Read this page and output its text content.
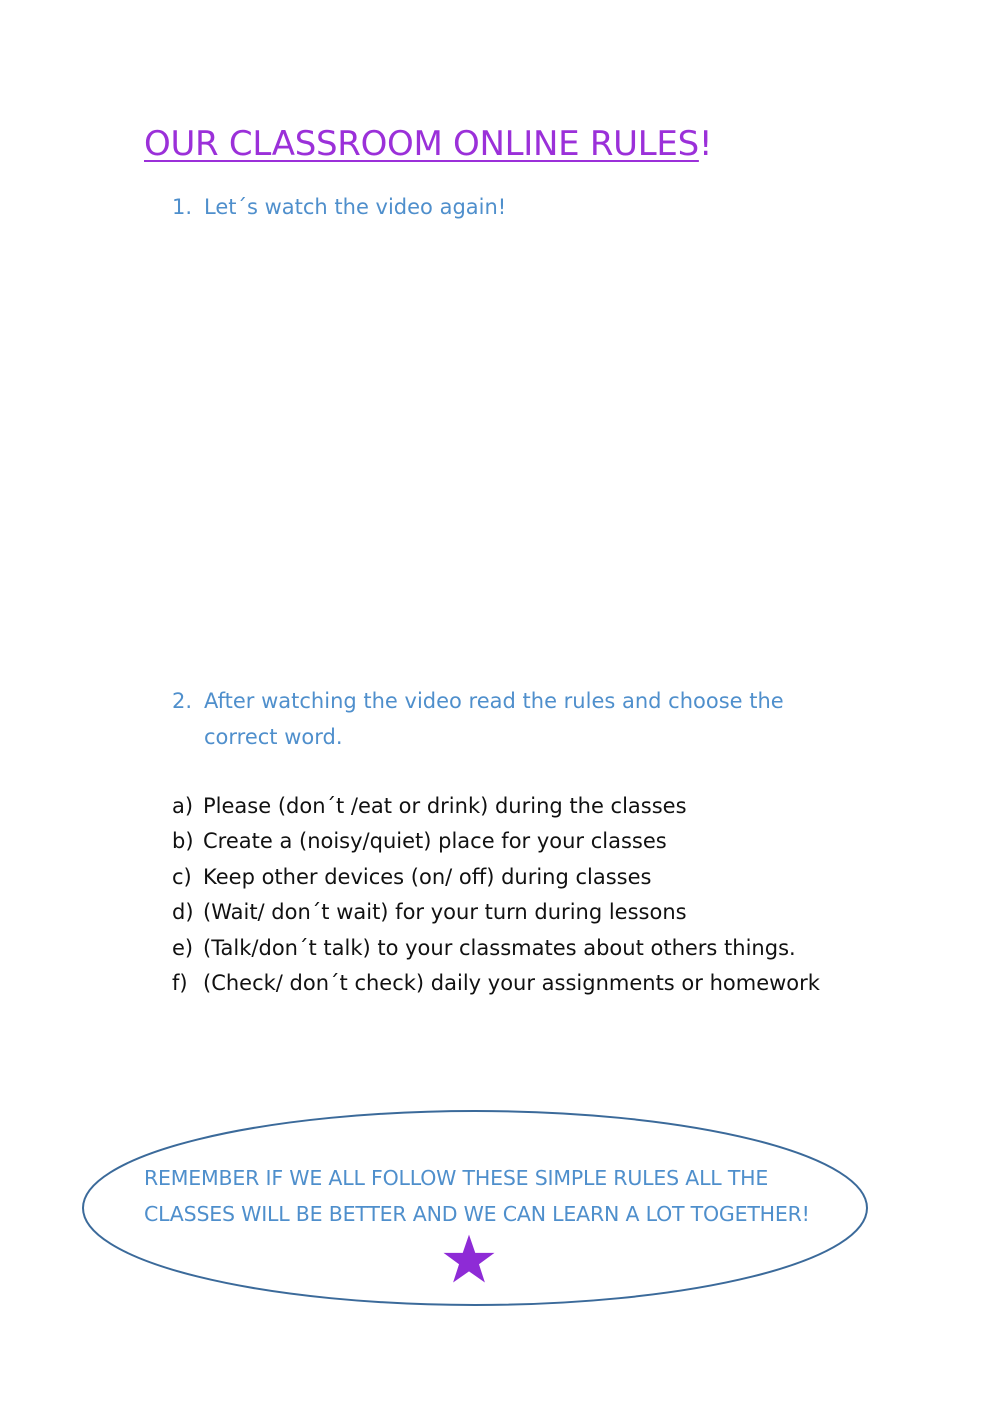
OUR CLASSROOM ONLINE RULES!
1. Let´s watch the video again!
2. After watching the video read the rules and choose the correct word.
a) Please (don´t /eat or drink) during the classes
b) Create a (noisy/quiet) place for your classes
c) Keep other devices (on/ off) during classes
d) (Wait/ don´t wait) for your turn during lessons
e) (Talk/don´t talk) to your classmates about others things.
f) (Check/ don´t check) daily your assignments or homework
REMEMBER IF WE ALL FOLLOW THESE SIMPLE RULES ALL THE CLASSES WILL BE BETTER AND WE CAN LEARN A LOT TOGETHER!
